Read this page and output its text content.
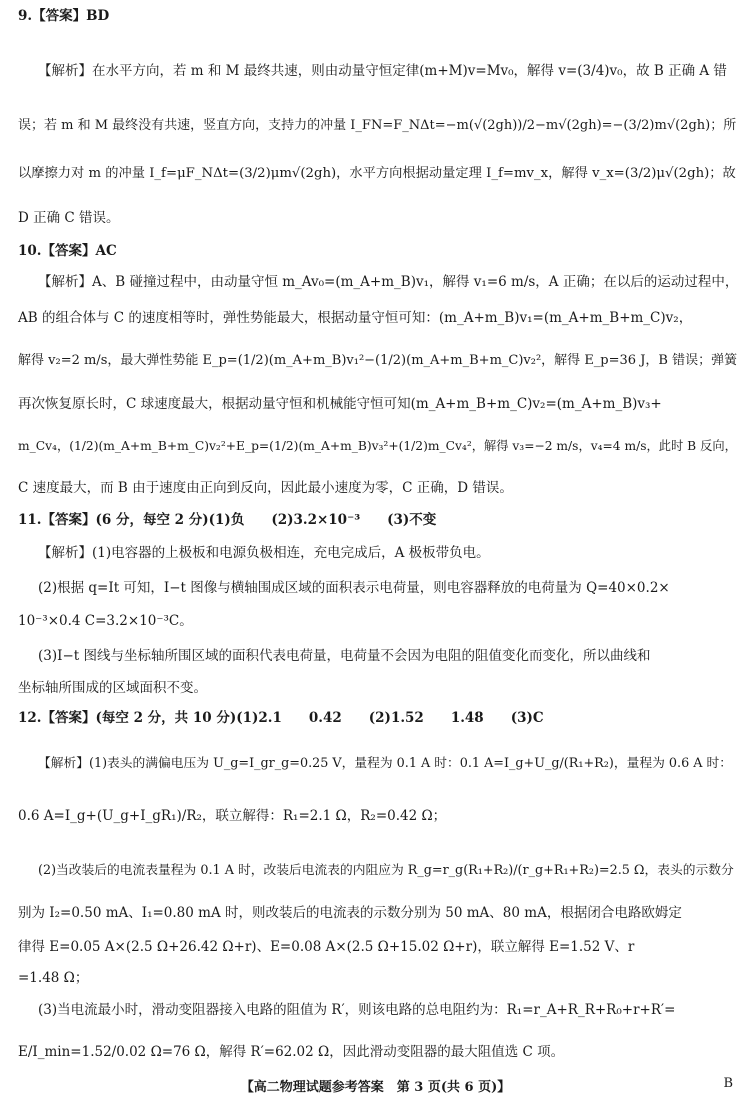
9.【答案】BD
【解析】在水平方向，若 m 和 M 最终共速，则由动量守恒定律(m+M)v=Mv₀，解得 v=(3/4)v₀，故 B 正确 A 错
误；若 m 和 M 最终没有共速，竖直方向，支持力的冲量 I_FN=F_NΔt=−m(√(2gh))/2−m√(2gh)=−(3/2)m√(2gh)；所
以摩擦力对 m 的冲量 I_f=μF_NΔt=(3/2)μm√(2gh)，水平方向根据动量定理 I_f=mv_x，解得 v_x=(3/2)μ√(2gh)；故
D 正确 C 错误。
10.【答案】AC
【解析】A、B 碰撞过程中，由动量守恒 m_Av₀=(m_A+m_B)v₁，解得 v₁=6 m/s，A 正确；在以后的运动过程中，
AB 的组合体与 C 的速度相等时，弹性势能最大，根据动量守恒可知：(m_A+m_B)v₁=(m_A+m_B+m_C)v₂，
解得 v₂=2 m/s，最大弹性势能 E_p=(1/2)(m_A+m_B)v₁²−(1/2)(m_A+m_B+m_C)v₂²，解得 E_p=36 J，B 错误；弹簧
再次恢复原长时，C 球速度最大，根据动量守恒和机械能守恒可知(m_A+m_B+m_C)v₂=(m_A+m_B)v₃+
m_Cv₄，(1/2)(m_A+m_B+m_C)v₂²+E_p=(1/2)(m_A+m_B)v₃²+(1/2)m_Cv₄²，解得 v₃=−2 m/s，v₄=4 m/s，此时 B 反向，
C 速度最大，而 B 由于速度由正向到反向，因此最小速度为零，C 正确，D 错误。
11.【答案】(6 分，每空 2 分)(1)负　　(2)3.2×10⁻³　　(3)不变
【解析】(1)电容器的上极板和电源负极相连，充电完成后，A 极板带负电。
(2)根据 q=It 可知，I−t 图像与横轴围成区域的面积表示电荷量，则电容器释放的电荷量为 Q=40×0.2×
10⁻³×0.4 C=3.2×10⁻³C。
(3)I−t 图线与坐标轴所围区域的面积代表电荷量，电荷量不会因为电阻的阻值变化而变化，所以曲线和
坐标轴所围成的区域面积不变。
12.【答案】(每空 2 分，共 10 分)(1)2.1　　0.42　　(2)1.52　　1.48　　(3)C
【解析】(1)表头的满偏电压为 U_g=I_gr_g=0.25 V，量程为 0.1 A 时：0.1 A=I_g+U_g/(R₁+R₂)，量程为 0.6 A 时：
0.6 A=I_g+(U_g+I_gR₁)/R₂，联立解得：R₁=2.1 Ω，R₂=0.42 Ω；
(2)当改装后的电流表量程为 0.1 A 时，改装后电流表的内阻应为 R_g=r_g(R₁+R₂)/(r_g+R₁+R₂)=2.5 Ω，表头的示数分
别为 I₂=0.50 mA、I₁=0.80 mA 时，则改装后的电流表的示数分别为 50 mA、80 mA，根据闭合电路欧姆定
律得 E=0.05 A×(2.5 Ω+26.42 Ω+r)、E=0.08 A×(2.5 Ω+15.02 Ω+r)，联立解得 E=1.52 V、r
=1.48 Ω；
(3)当电流最小时，滑动变阻器接入电路的阻值为 R′，则该电路的总电阻约为：R₁=r_A+R_R+R₀+r+R′=
E/I_min=1.52/0.02 Ω=76 Ω，解得 R′=62.02 Ω，因此滑动变阻器的最大阻值选 C 项。
【高二物理试题参考答案　第 3 页(共 6 页)】	B
